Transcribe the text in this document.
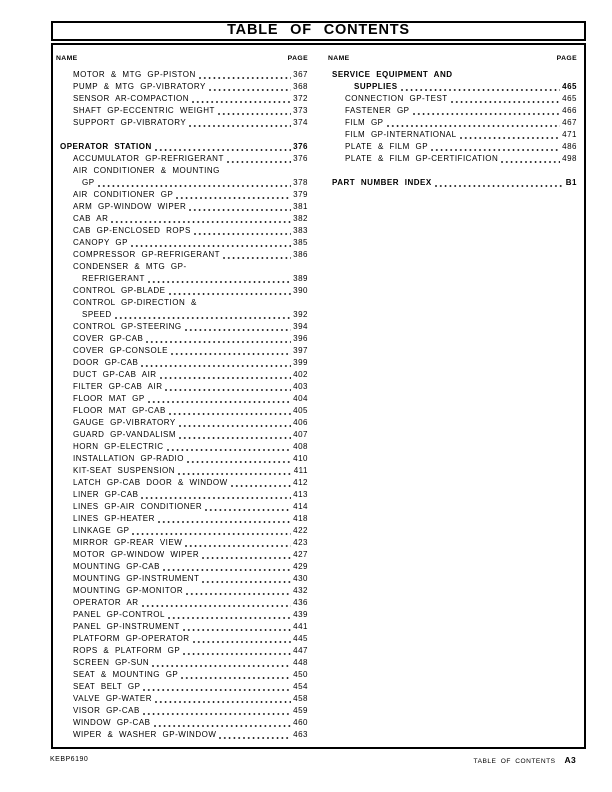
TABLE OF CONTENTS
NAME	PAGE
MOTOR & MTG GP-PISTON	367
PUMP & MTG GP-VIBRATORY	368
SENSOR AR-COMPACTION	372
SHAFT GP-ECCENTRIC WEIGHT	373
SUPPORT GP-VIBRATORY	374
OPERATOR STATION	376
ACCUMULATOR GP-REFRIGERANT	376
AIR CONDITIONER & MOUNTING
GP	378
AIR CONDITIONER GP	379
ARM GP-WINDOW WIPER	381
CAB AR	382
CAB GP-ENCLOSED ROPS	383
CANOPY GP	385
COMPRESSOR GP-REFRIGERANT	386
CONDENSER & MTG GP-
REFRIGERANT	389
CONTROL GP-BLADE	390
CONTROL GP-DIRECTION &
SPEED	392
CONTROL GP-STEERING	394
COVER GP-CAB	396
COVER GP-CONSOLE	397
DOOR GP-CAB	399
DUCT GP-CAB AIR	402
FILTER GP-CAB AIR	403
FLOOR MAT GP	404
FLOOR MAT GP-CAB	405
GAUGE GP-VIBRATORY	406
GUARD GP-VANDALISM	407
HORN GP-ELECTRIC	408
INSTALLATION GP-RADIO	410
KIT-SEAT SUSPENSION	411
LATCH GP-CAB DOOR & WINDOW	412
LINER GP-CAB	413
LINES GP-AIR CONDITIONER	414
LINES GP-HEATER	418
LINKAGE GP	422
MIRROR GP-REAR VIEW	423
MOTOR GP-WINDOW WIPER	427
MOUNTING GP-CAB	429
MOUNTING GP-INSTRUMENT	430
MOUNTING GP-MONITOR	432
OPERATOR AR	436
PANEL GP-CONTROL	439
PANEL GP-INSTRUMENT	441
PLATFORM GP-OPERATOR	445
ROPS & PLATFORM GP	447
SCREEN GP-SUN	448
SEAT & MOUNTING GP	450
SEAT BELT GP	454
VALVE GP-WATER	458
VISOR GP-CAB	459
WINDOW GP-CAB	460
WIPER & WASHER GP-WINDOW	463
NAME	PAGE
SERVICE EQUIPMENT AND
SUPPLIES	465
CONNECTION GP-TEST	465
FASTENER GP	466
FILM GP	467
FILM GP-INTERNATIONAL	471
PLATE & FILM GP	486
PLATE & FILM GP-CERTIFICATION	498
PART NUMBER INDEX	B1
KEBP6190	TABLE OF CONTENTS A3
